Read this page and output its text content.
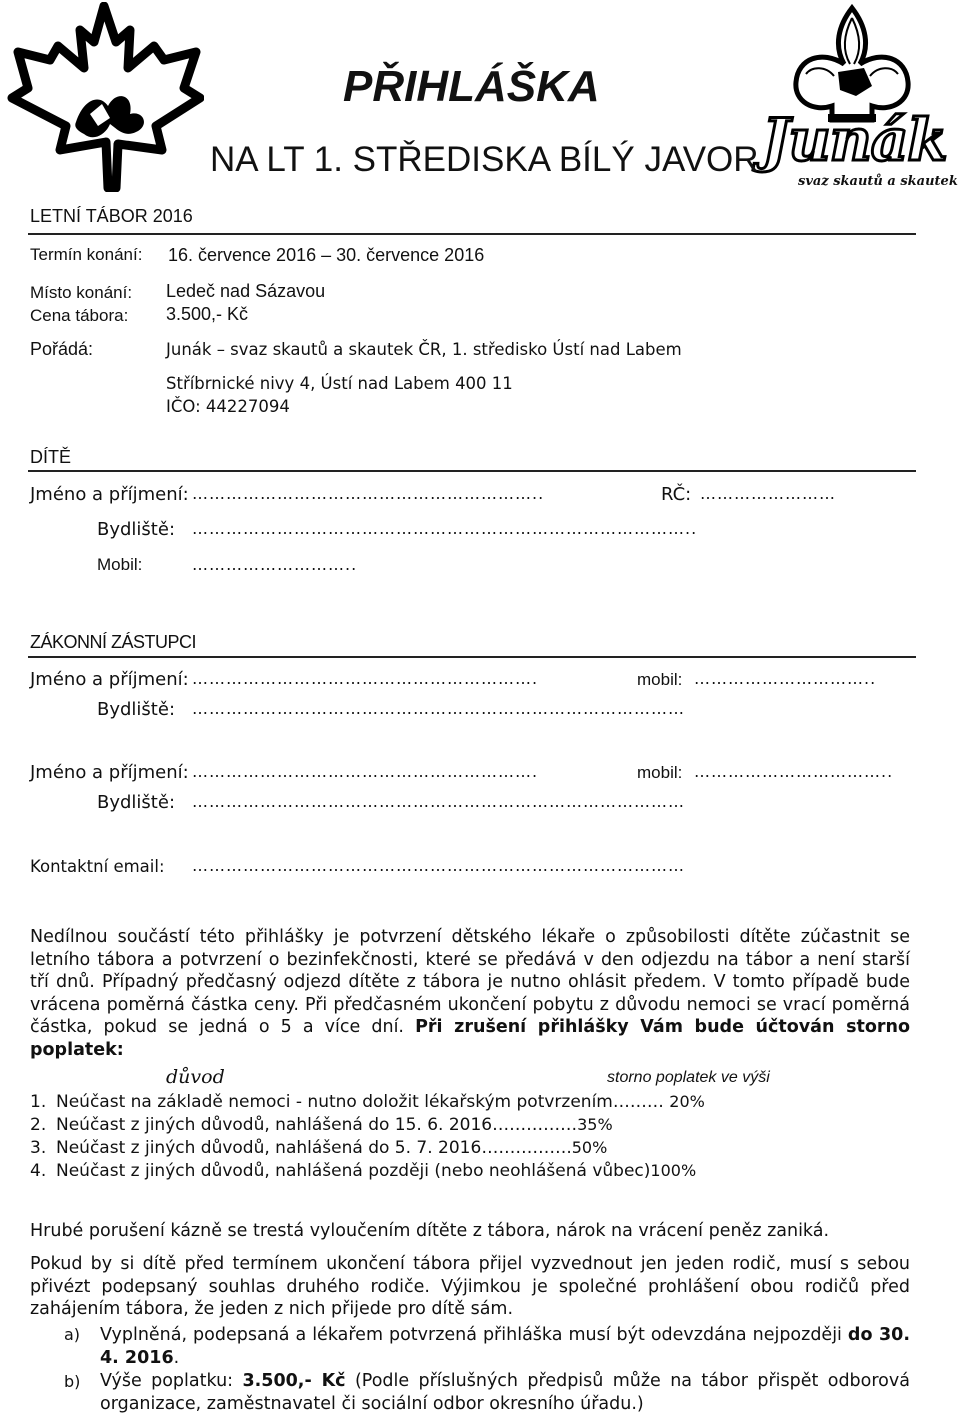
Junák
svaz skautů a skautek
PŘIHLÁŠKA
NA LT 1. STŘEDISKA BÍLÝ JAVOR
LETNÍ TÁBOR 2016
Termín konání: 16. července 2016 – 30. července 2016
Místo konání: Ledeč nad Sázavou
Cena tábora: 3.500,- Kč
Pořádá:	Junák – svaz skautů a skautek ČR, 1. středisko Ústí nad Labem
Stříbrnické nivy 4, Ústí nad Labem 400 11
IČO: 44227094
DÍTĚ
Jméno a příjmení: ……………………………………………………..	RČ: ……………………
Bydliště: ……………………………………………………………………………..
Mobil:	………………………..
ZÁKONNÍ ZÁSTUPCI
Jméno a příjmení: …………………………………………………….	mobil: …………………………..
Bydliště: ……………………………………………………………………………
Jméno a příjmení: …………………………………………………….	mobil: ……………………………..
Bydliště: ……………………………………………………………………………
Kontaktní email: ……………………………………………………………………………
Nedílnou součástí této přihlášky je potvrzení dětského lékaře o způsobilosti dítěte zúčastnit se letního tábora a potvrzení o bezinfekčnosti, které se předává v den odjezdu na tábor a není starší tří dnů. Případný předčasný odjezd dítěte z tábora je nutno ohlásit předem. V tomto případě bude vrácena poměrná částka ceny. Při předčasném ukončení pobytu z důvodu nemoci se vrací poměrná částka, pokud se jedná o 5 a více dní. Při zrušení přihlášky Vám bude účtován storno poplatek:
důvod	storno poplatek ve výši
1. Neúčast na základě nemoci - nutno doložit lékařským potvrzením……… 20%
2. Neúčast z jiných důvodů, nahlášená do 15. 6. 2016……………35%
3. Neúčast z jiných důvodů, nahlášená do 5. 7. 2016…………….50%
4. Neúčast z jiných důvodů, nahlášená později (nebo neohlášená vůbec)100%
Hrubé porušení kázně se trestá vyloučením dítěte z tábora, nárok na vrácení peněz zaniká.
Pokud by si dítě před termínem ukončení tábora přijel vyzvednout jen jeden rodič, musí s sebou přivézt podepsaný souhlas druhého rodiče. Výjimkou je společné prohlášení obou rodičů před zahájením tábora, že jeden z nich přijede pro dítě sám.
a) Vyplněná, podepsaná a lékařem potvrzená přihláška musí být odevzdána nejpozději do 30. 4. 2016.
b) Výše poplatku: 3.500,- Kč (Podle příslušných předpisů může na tábor přispět odborová organizace, zaměstnavatel či sociální odbor okresního úřadu.)
